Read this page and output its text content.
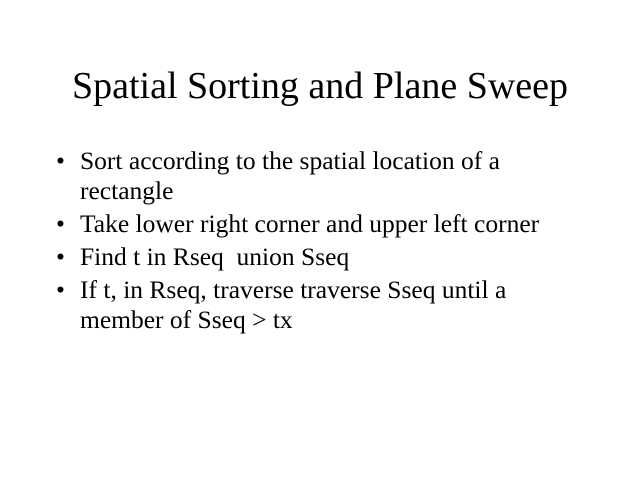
Spatial Sorting and Plane Sweep
• Sort according to the spatial location of a rectangle
• Take lower right corner and upper left corner
• Find t in Rseq  union Sseq
• If t, in Rseq, traverse traverse Sseq until a member of Sseq > tx
